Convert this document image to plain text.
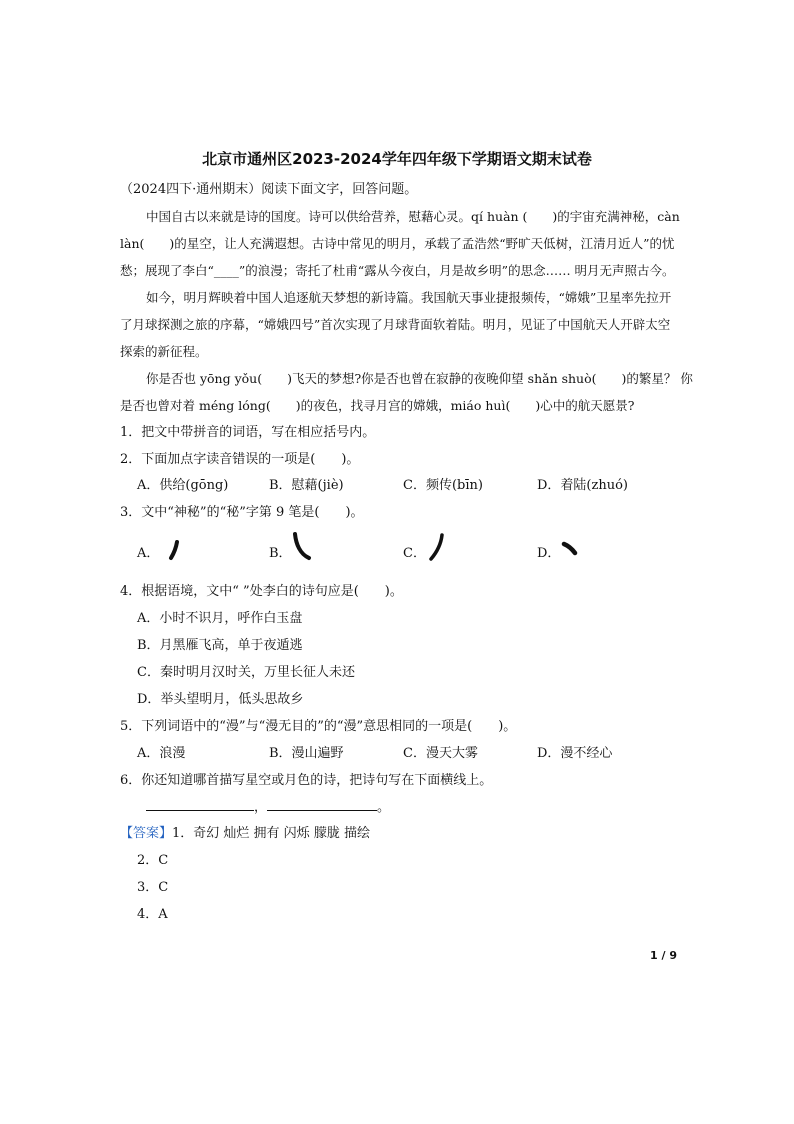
北京市通州区2023-2024学年四年级下学期语文期末试卷
（2024四下·通州期末）阅读下面文字，回答问题。
中国自古以来就是诗的国度。诗可以供给营养，慰藉心灵。qí huàn (　　)的宇宙充满神秘，càn
làn(　　)的星空，让人充满遐想。古诗中常见的明月，承载了孟浩然“野旷天低树，江清月近人”的忧
愁；展现了李白“____”的浪漫；寄托了杜甫“露从今夜白，月是故乡明”的思念…… 明月无声照古今。
如今，明月辉映着中国人追逐航天梦想的新诗篇。我国航天事业捷报频传，“嫦娥”卫星率先拉开
了月球探测之旅的序幕，“嫦娥四号”首次实现了月球背面软着陆。明月，见证了中国航天人开辟太空
探索的新征程。
你是否也 yōng yǒu(　　)飞天的梦想?你是否也曾在寂静的夜晚仰望 shǎn shuò(　　)的繁星？ 你
是否也曾对着 méng lóng(　　)的夜色，找寻月宫的嫦娥，miáo huì(　　)心中的航天愿景?
1．把文中带拼音的词语，写在相应括号内。
2．下面加点字读音错误的一项是(　　)。
A．供给(gōng)	B．慰藉(jiè)	C．频传(bīn)	D．着陆(zhuó)
3．文中“神秘”的“秘”字第 9 笔是(　　)。
A．	B．	C．	D．
4．根据语境，文中“ ”处李白的诗句应是(　　)。
A．小时不识月，呼作白玉盘
B．月黑雁飞高，单于夜遁逃
C．秦时明月汉时关，万里长征人未还
D．举头望明月，低头思故乡
5．下列词语中的“漫”与“漫无目的”的“漫”意思相同的一项是(　　)。
A．浪漫	B．漫山遍野	C．漫天大雾	D．漫不经心
6．你还知道哪首描写星空或月色的诗，把诗句写在下面横线上。
，	。
【答案】1．奇幻 灿烂 拥有 闪烁 朦胧 描绘
2．C
3．C
4．A
1 / 9
